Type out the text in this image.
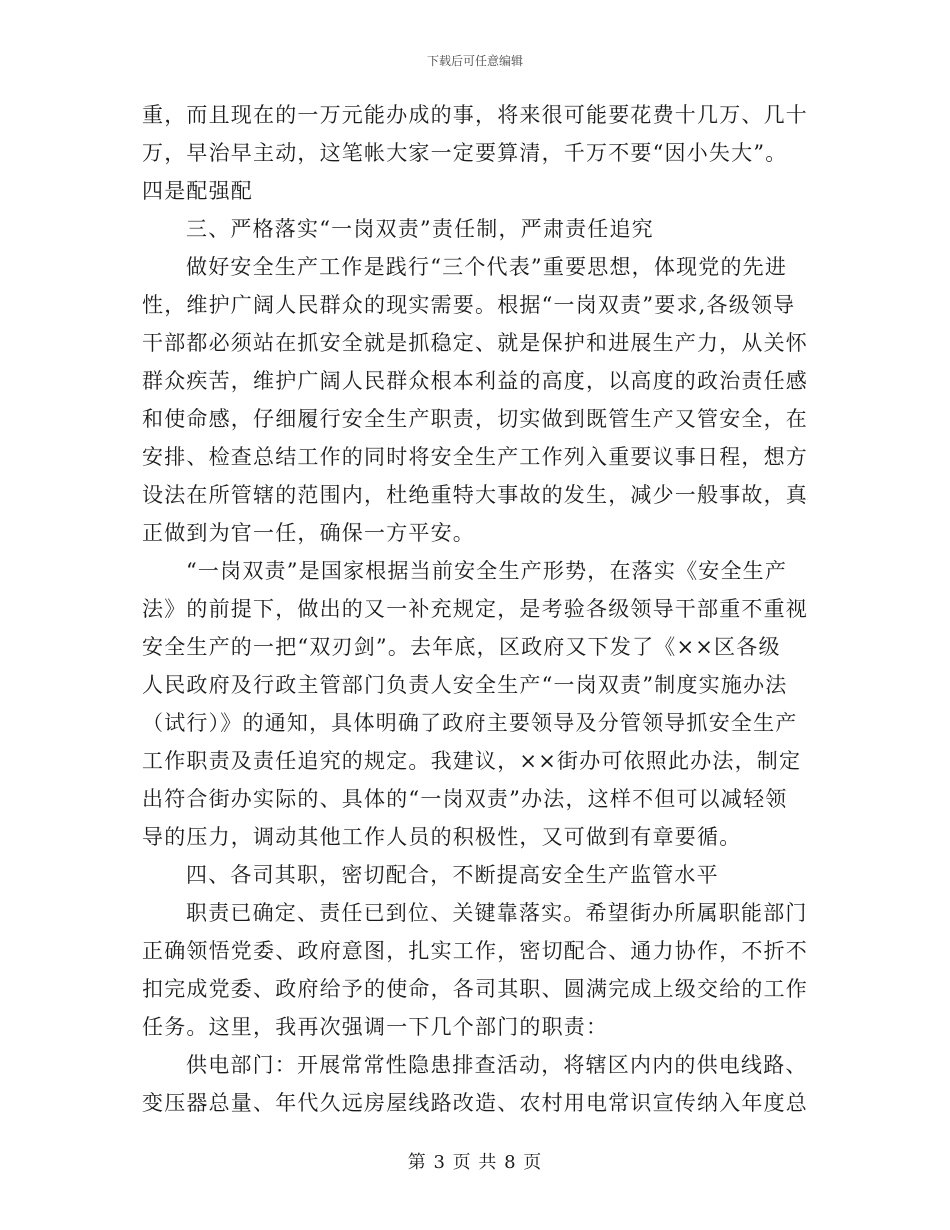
下载后可任意编辑
重，而且现在的一万元能办成的事，将来很可能要花费十几万、几十
万，早治早主动，这笔帐大家一定要算清，千万不要“因小失大”。
四是配强配
三、严格落实“一岗双责”责任制，严肃责任追究
做好安全生产工作是践行“三个代表”重要思想，体现党的先进
性，维护广阔人民群众的现实需要。根据“一岗双责”要求,各级领导
干部都必须站在抓安全就是抓稳定、就是保护和进展生产力，从关怀
群众疾苦，维护广阔人民群众根本利益的高度，以高度的政治责任感
和使命感，仔细履行安全生产职责，切实做到既管生产又管安全，在
安排、检查总结工作的同时将安全生产工作列入重要议事日程，想方
设法在所管辖的范围内，杜绝重特大事故的发生，减少一般事故，真
正做到为官一任，确保一方平安。
“一岗双责”是国家根据当前安全生产形势，在落实《安全生产
法》的前提下，做出的又一补充规定，是考验各级领导干部重不重视
安全生产的一把“双刃剑”。去年底，区政府又下发了《××区各级
人民政府及行政主管部门负责人安全生产“一岗双责”制度实施办法
（试行）》的通知，具体明确了政府主要领导及分管领导抓安全生产
工作职责及责任追究的规定。我建议，××街办可依照此办法，制定
出符合街办实际的、具体的“一岗双责”办法，这样不但可以减轻领
导的压力，调动其他工作人员的积极性，又可做到有章要循。
四、各司其职，密切配合，不断提高安全生产监管水平
职责已确定、责任已到位、关键靠落实。希望街办所属职能部门
正确领悟党委、政府意图，扎实工作，密切配合、通力协作，不折不
扣完成党委、政府给予的使命，各司其职、圆满完成上级交给的工作
任务。这里，我再次强调一下几个部门的职责：
供电部门：开展常常性隐患排查活动，将辖区内内的供电线路、
变压器总量、年代久远房屋线路改造、农村用电常识宣传纳入年度总
第 3 页 共 8 页
